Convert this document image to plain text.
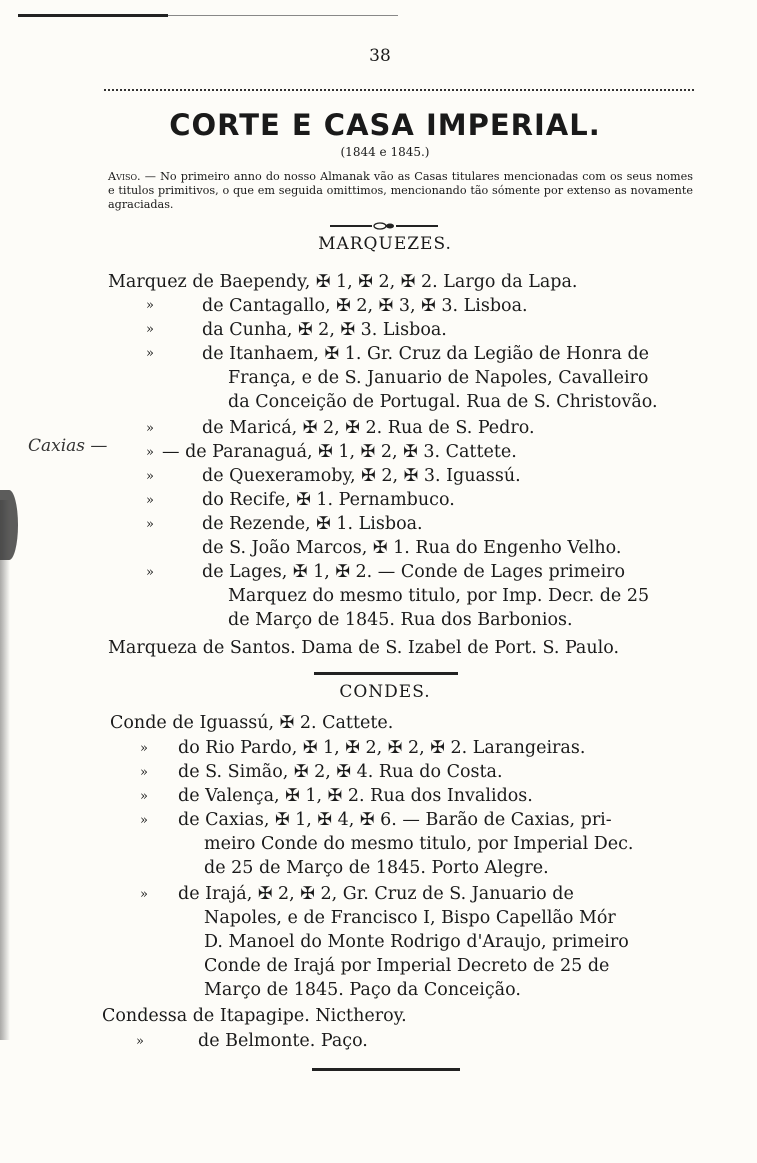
38

CORTE E CASA IMPERIAL.

(1844 e 1845.)

Aviso. — No primeiro anno do nosso Almanak vão as Casas titulares mencionadas com os seus nomes e titulos primitivos, o que em seguida omittimos, mencionando tão sómente por extenso as novamente agraciadas.

MARQUEZES.

Marquez de Baependy, ✠ 1, ✠ 2, ✠ 2. Largo da Lapa.

»	de Cantagallo, ✠ 2, ✠ 3, ✠ 3. Lisboa.

»	da Cunha, ✠ 2, ✠ 3. Lisboa.

»	de Itanhaem, ✠ 1. Gr. Cruz da Legião de Honra de

França, e de S. Januario de Napoles, Cavalleiro

da Conceição de Portugal. Rua de S. Christovão.

»	de Maricá, ✠ 2, ✠ 2. Rua de S. Pedro.

Caxias —	» — de Paranaguá, ✠ 1, ✠ 2, ✠ 3. Cattete.

»	de Quexeramoby, ✠ 2, ✠ 3. Iguassú.

»	do Recife, ✠ 1. Pernambuco.

»	de Rezende, ✠ 1. Lisboa.

de S. João Marcos, ✠ 1. Rua do Engenho Velho.

»	de Lages, ✠ 1, ✠ 2. — Conde de Lages primeiro

Marquez do mesmo titulo, por Imp. Decr. de 25

de Março de 1845. Rua dos Barbonios.

Marqueza de Santos. Dama de S. Izabel de Port. S. Paulo.

CONDES.

Conde de Iguassú, ✠ 2. Cattete.

» do Rio Pardo, ✠ 1, ✠ 2, ✠ 2, ✠ 2. Larangeiras.

» de S. Simão, ✠ 2, ✠ 4. Rua do Costa.

» de Valença, ✠ 1, ✠ 2. Rua dos Invalidos.

» de Caxias, ✠ 1, ✠ 4, ✠ 6. — Barão de Caxias, pri-

meiro Conde do mesmo titulo, por Imperial Dec.

de 25 de Março de 1845. Porto Alegre.

» de Irajá, ✠ 2, ✠ 2, Gr. Cruz de S. Januario de

Napoles, e de Francisco I, Bispo Capellão Mór

D. Manoel do Monte Rodrigo d'Araujo, primeiro

Conde de Irajá por Imperial Decreto de 25 de

Março de 1845. Paço da Conceição.

Condessa de Itapagipe. Nictheroy.

»	de Belmonte. Paço.
